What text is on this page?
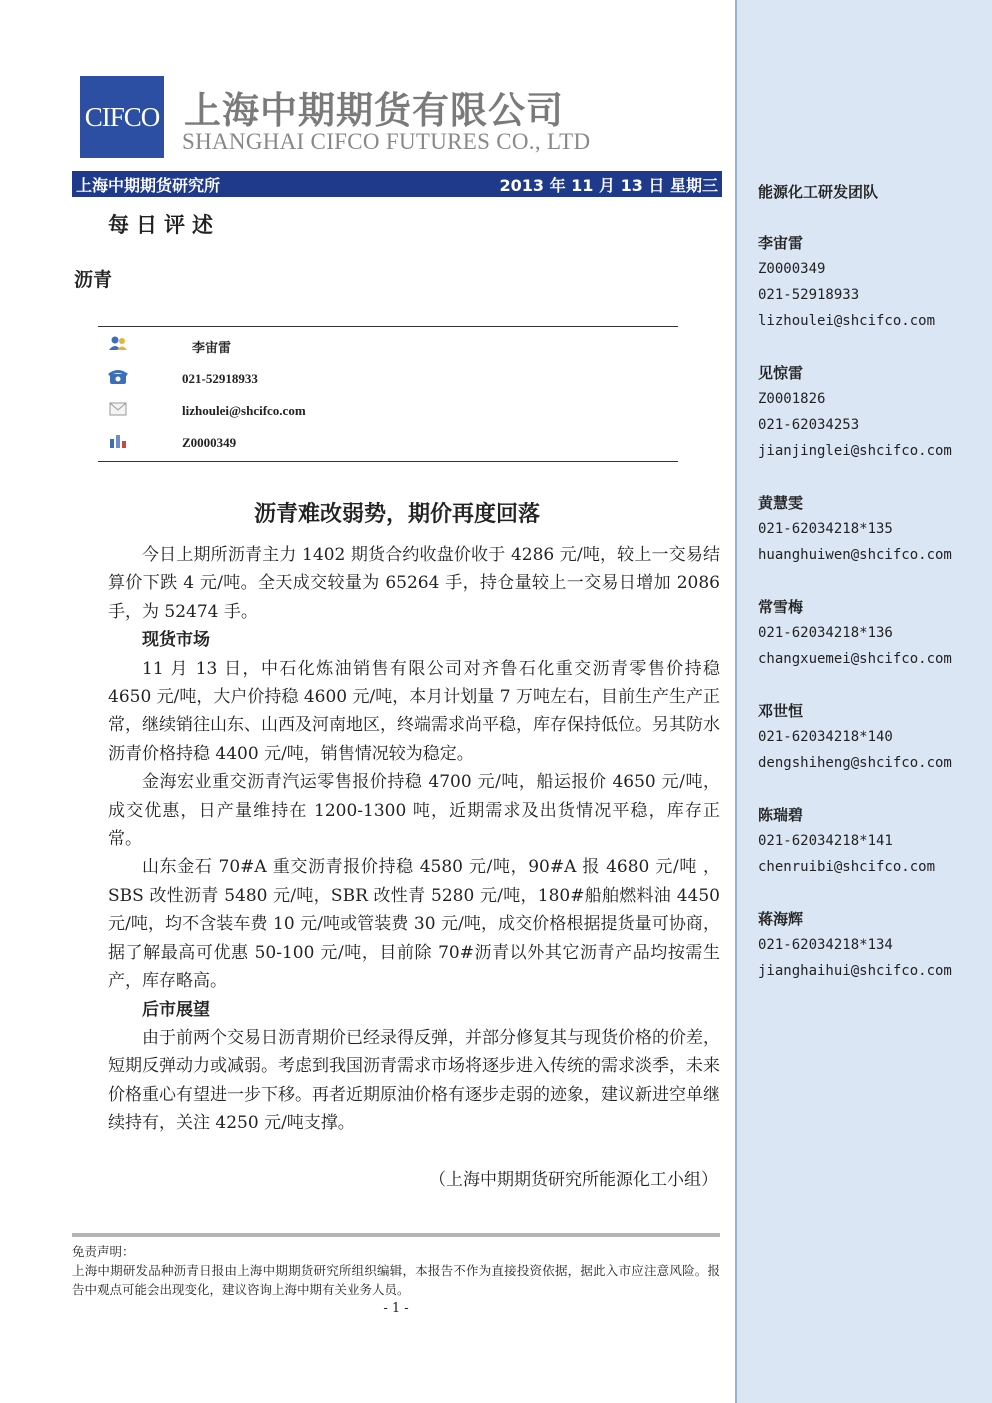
CIFCO 上海中期期货有限公司
SHANGHAI CIFCO FUTURES CO., LTD
上海中期期货研究所	2013 年 11 月 13 日 星期三
每日评述
沥青
李宙雷
021-52918933
lizhoulei@shcifco.com
Z0000349
沥青难改弱势，期价再度回落

今日上期所沥青主力 1402 期货合约收盘价收于 4286 元/吨，较上一交易结算价下跌 4 元/吨。全天成交较量为 65264 手，持仓量较上一交易日增加 2086 手，为 52474 手。

现货市场

11 月 13 日，中石化炼油销售有限公司对齐鲁石化重交沥青零售价持稳 4650 元/吨，大户价持稳 4600 元/吨，本月计划量 7 万吨左右，目前生产生产正常，继续销往山东、山西及河南地区，终端需求尚平稳，库存保持低位。另其防水沥青价格持稳 4400 元/吨，销售情况较为稳定。

金海宏业重交沥青汽运零售报价持稳 4700 元/吨，船运报价 4650 元/吨，成交优惠，日产量维持在 1200-1300 吨，近期需求及出货情况平稳，库存正常。

山东金石 70#A 重交沥青报价持稳 4580 元/吨，90#A 报 4680 元/吨 ，SBS 改性沥青 5480 元/吨，SBR 改性青 5280 元/吨，180#船舶燃料油 4450 元/吨，均不含装车费 10 元/吨或管装费 30 元/吨，成交价格根据提货量可协商，据了解最高可优惠 50-100 元/吨，目前除 70#沥青以外其它沥青产品均按需生产，库存略高。

后市展望

由于前两个交易日沥青期价已经录得反弹，并部分修复其与现货价格的价差，短期反弹动力或减弱。考虑到我国沥青需求市场将逐步进入传统的需求淡季，未来价格重心有望进一步下移。再者近期原油价格有逐步走弱的迹象，建议新进空单继续持有，关注 4250 元/吨支撑。

（上海中期期货研究所能源化工小组）
免责声明：
上海中期研发品种沥青日报由上海中期期货研究所组织编辑，本报告不作为直接投资依据，据此入市应注意风险。报告中观点可能会出现变化，建议咨询上海中期有关业务人员。
- 1 -
能源化工研发团队
李宙雷
Z0000349
021-52918933
lizhoulei@shcifco.com
见惊雷
Z0001826
021-62034253
jianjinglei@shcifco.com
黄慧雯
021-62034218*135
huanghuiwen@shcifco.com
常雪梅
021-62034218*136
changxuemei@shcifco.com
邓世恒
021-62034218*140
dengshiheng@shcifco.com
陈瑞碧
021-62034218*141
chenruibi@shcifco.com
蒋海辉
021-62034218*134
jianghaihui@shcifco.com
